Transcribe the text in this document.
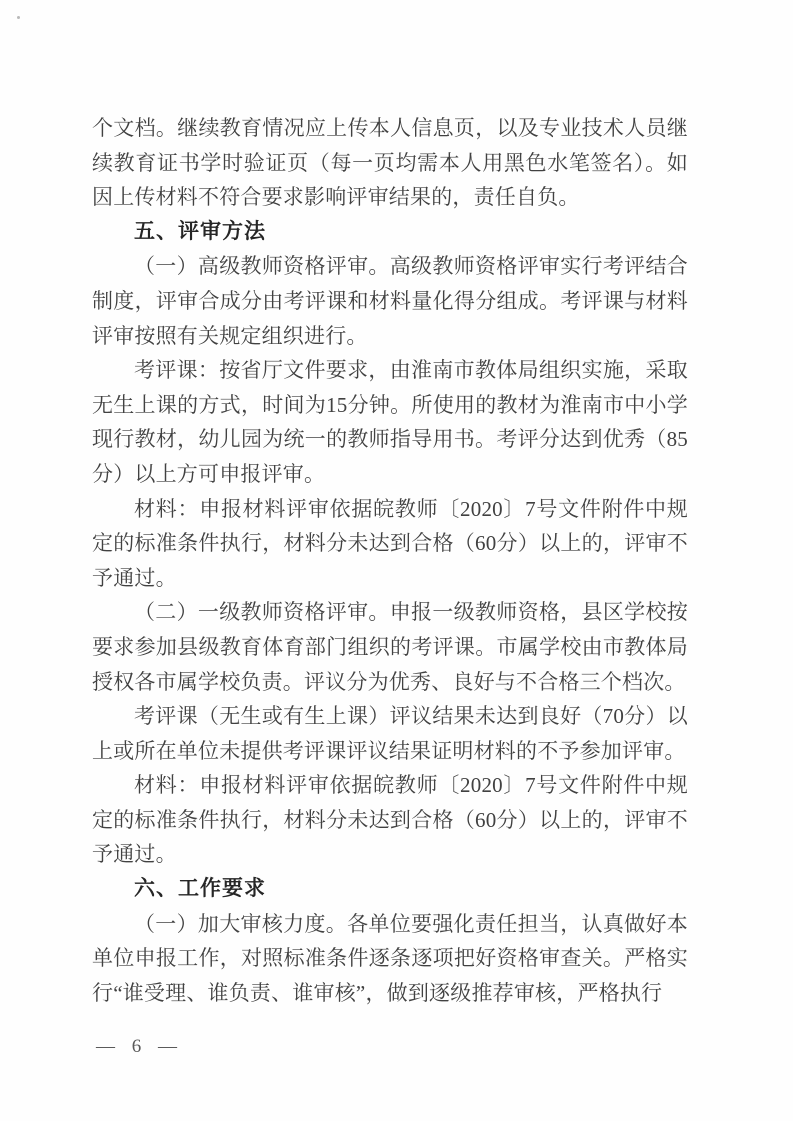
个文档。继续教育情况应上传本人信息页，以及专业技术人员继续教育证书学时验证页（每一页均需本人用黑色水笔签名）。如因上传材料不符合要求影响评审结果的，责任自负。

五、评审方法

（一）高级教师资格评审。高级教师资格评审实行考评结合制度，评审合成分由考评课和材料量化得分组成。考评课与材料评审按照有关规定组织进行。

考评课：按省厅文件要求，由淮南市教体局组织实施，采取无生上课的方式，时间为15分钟。所使用的教材为淮南市中小学现行教材，幼儿园为统一的教师指导用书。考评分达到优秀（85分）以上方可申报评审。

材料：申报材料评审依据皖教师〔2020〕7号文件附件中规定的标准条件执行，材料分未达到合格（60分）以上的，评审不予通过。

（二）一级教师资格评审。申报一级教师资格，县区学校按要求参加县级教育体育部门组织的考评课。市属学校由市教体局授权各市属学校负责。评议分为优秀、良好与不合格三个档次。

考评课（无生或有生上课）评议结果未达到良好（70分）以上或所在单位未提供考评课评议结果证明材料的不予参加评审。

材料：申报材料评审依据皖教师〔2020〕7号文件附件中规定的标准条件执行，材料分未达到合格（60分）以上的，评审不予通过。

六、工作要求

（一）加大审核力度。各单位要强化责任担当，认真做好本单位申报工作，对照标准条件逐条逐项把好资格审查关。严格实行“谁受理、谁负责、谁审核”，做到逐级推荐审核，严格执行

— 6 —
